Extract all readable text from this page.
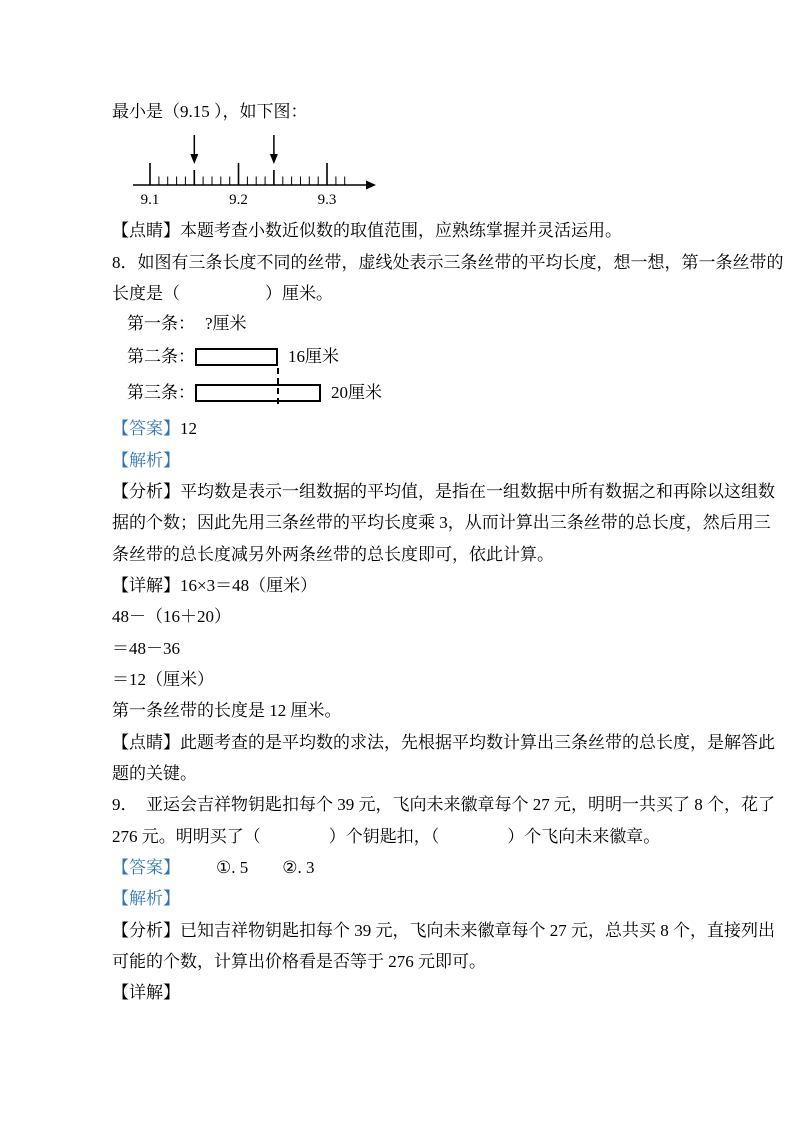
最小是（9.15 ），如下图：
9.1	9.2	9.3
【点睛】本题考查小数近似数的取值范围，应熟练掌握并灵活运用。
8．如图有三条长度不同的丝带，虚线处表示三条丝带的平均长度，想一想，第一条丝带的
长度是（　　　　　）厘米。
第一条： ?厘米
第二条：	16厘米
第三条：	20厘米
【答案】12
【解析】
【分析】平均数是表示一组数据的平均值，是指在一组数据中所有数据之和再除以这组数
据的个数；因此先用三条丝带的平均长度乘 3，从而计算出三条丝带的总长度，然后用三
条丝带的总长度减另外两条丝带的总长度即可，依此计算。
【详解】16×3＝48（厘米）
48－（16＋20）
＝48－36
＝12（厘米）
第一条丝带的长度是 12 厘米。
【点睛】此题考查的是平均数的求法，先根据平均数计算出三条丝带的总长度，是解答此
题的关键。
9．　亚运会吉祥物钥匙扣每个 39 元，飞向未来徽章每个 27 元，明明一共买了 8 个，花了
276 元。明明买了（　　　　）个钥匙扣，（　　　　）个飞向未来徽章。
【答案】 ①. 5　　②. 3
【解析】
【分析】已知吉祥物钥匙扣每个 39 元，飞向未来徽章每个 27 元，总共买 8 个，直接列出
可能的个数，计算出价格看是否等于 276 元即可。
【详解】
